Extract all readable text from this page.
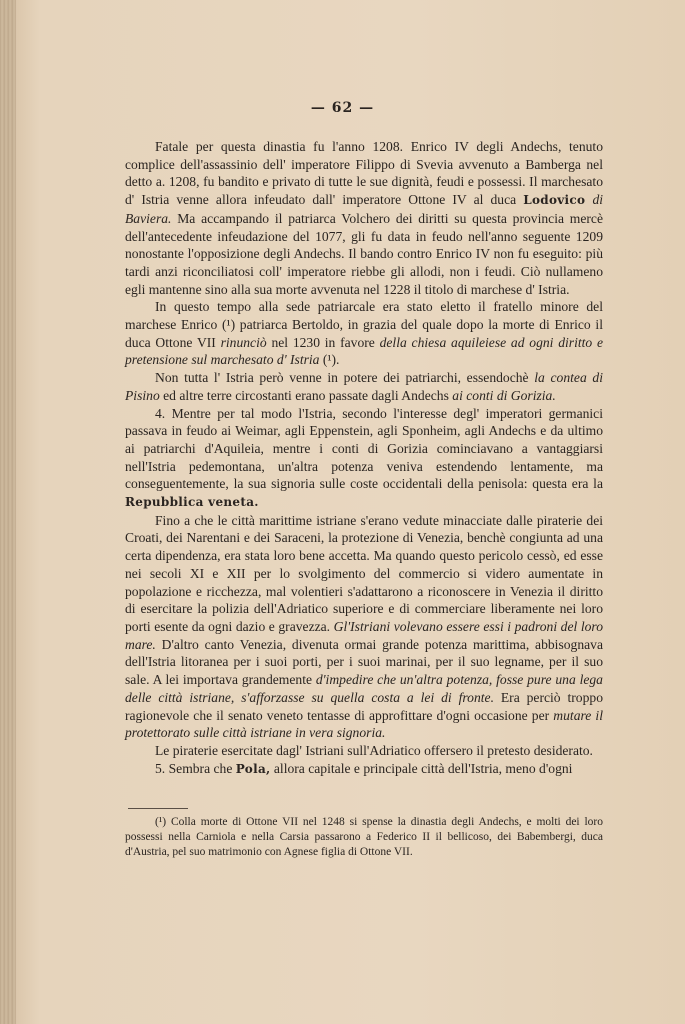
— 62 —

Fatale per questa dinastia fu l'anno 1208. Enrico IV degli Andechs, tenuto complice dell'assassinio dell' imperatore Filippo di Svevia avvenuto a Bamberga nel detto a. 1208, fu bandito e privato di tutte le sue dignità, feudi e possessi. Il marchesato d' Istria venne allora infeudato dall' imperatore Ottone IV al duca Lodovico di Baviera. Ma accampando il patriarca Volchero dei diritti su questa provincia mercè dell'antecedente infeudazione del 1077, gli fu data in feudo nell'anno seguente 1209 nonostante l'opposizione degli Andechs. Il bando contro Enrico IV non fu eseguito: più tardi anzi riconciliatosi coll' imperatore riebbe gli allodi, non i feudi. Ciò nullameno egli mantenne sino alla sua morte avvenuta nel 1228 il titolo di marchese d' Istria.

In questo tempo alla sede patriarcale era stato eletto il fratello minore del marchese Enrico (¹) patriarca Bertoldo, in grazia del quale dopo la morte di Enrico il duca Ottone VII rinunciò nel 1230 in favore della chiesa aquileiese ad ogni diritto e pretensione sul marchesato d' Istria (¹).

Non tutta l' Istria però venne in potere dei patriarchi, essendochè la contea di Pisino ed altre terre circostanti erano passate dagli Andechs ai conti di Gorizia.

4. Mentre per tal modo l'Istria, secondo l'interesse degl' imperatori germanici passava in feudo ai Weimar, agli Eppenstein, agli Sponheim, agli Andechs e da ultimo ai patriarchi d'Aquileia, mentre i conti di Gorizia cominciavano a vantaggiarsi nell'Istria pedemontana, un'altra potenza veniva estendendo lentamente, ma conseguentemente, la sua signoria sulle coste occidentali della penisola: questa era la Repubblica veneta.

Fino a che le città marittime istriane s'erano vedute minacciate dalle piraterie dei Croati, dei Narentani e dei Saraceni, la protezione di Venezia, benchè congiunta ad una certa dipendenza, era stata loro bene accetta. Ma quando questo pericolo cessò, ed esse nei secoli XI e XII per lo svolgimento del commercio si videro aumentate in popolazione e ricchezza, mal volentieri s'adattarono a riconoscere in Venezia il diritto di esercitare la polizia dell'Adriatico superiore e di commerciare liberamente nei loro porti esente da ogni dazio e gravezza. Gl'Istriani volevano essere essi i padroni del loro mare. D'altro canto Venezia, divenuta ormai grande potenza marittima, abbisognava dell'Istria litoranea per i suoi porti, per i suoi marinai, per il suo legname, per il suo sale. A lei importava grandemente d'impedire che un'altra potenza, fosse pure una lega delle città istriane, s'afforzasse su quella costa a lei di fronte. Era perciò troppo ragionevole che il senato veneto tentasse di approfittare d'ogni occasione per mutare il protettorato sulle città istriane in vera signoria.

Le piraterie esercitate dagl' Istriani sull'Adriatico offersero il pretesto desiderato.

5. Sembra che Pola, allora capitale e principale città dell'Istria, meno d'ogni

(¹) Colla morte di Ottone VII nel 1248 si spense la dinastia degli Andechs, e molti dei loro possessi nella Carniola e nella Carsia passarono a Federico II il bellicoso, dei Babembergi, duca d'Austria, pel suo matrimonio con Agnese figlia di Ottone VII.
